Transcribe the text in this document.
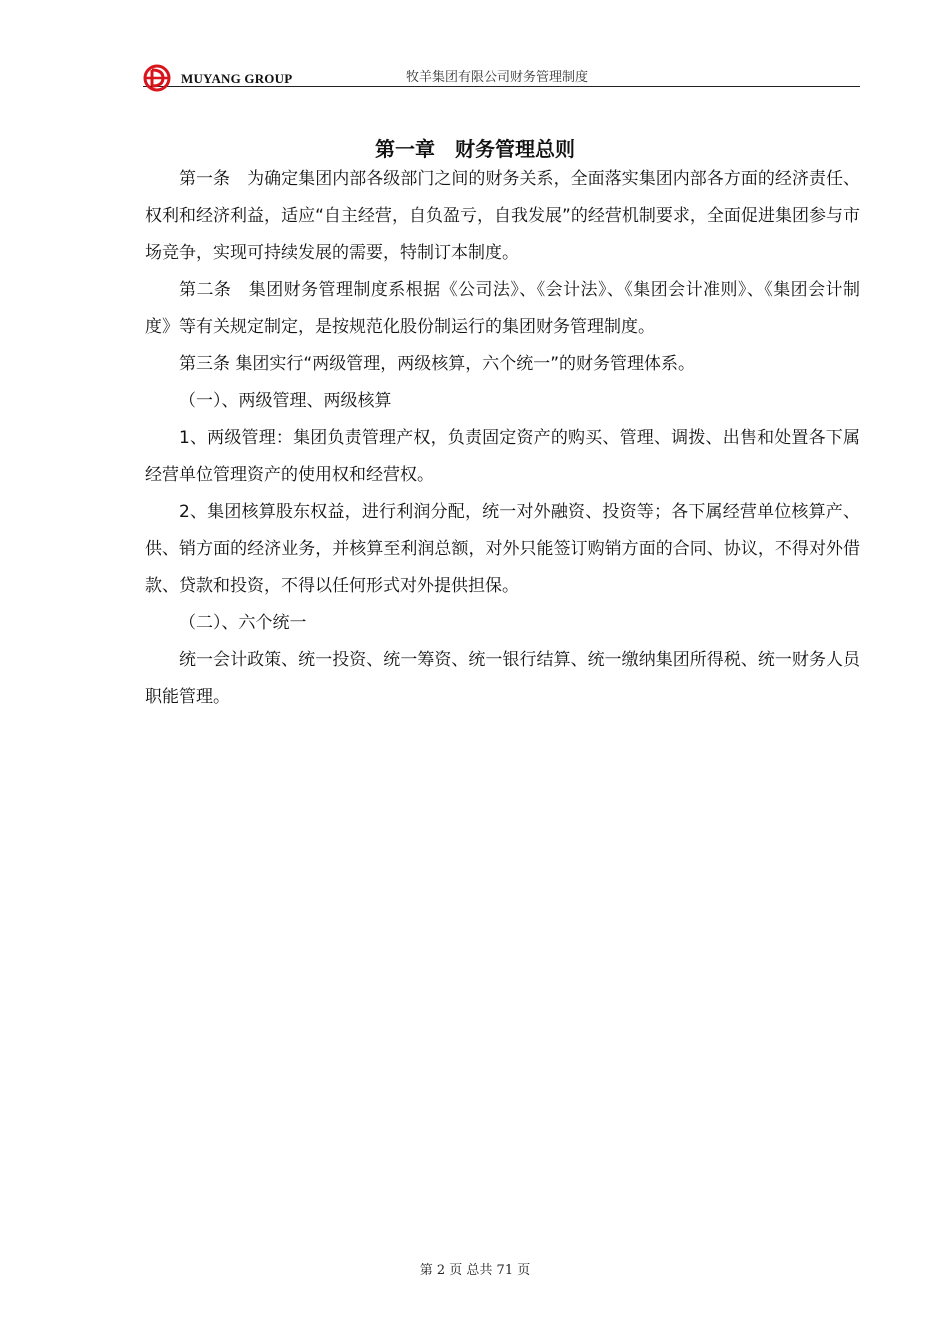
MUYANG GROUP	牧羊集团有限公司财务管理制度
第一章　财务管理总则

第一条　为确定集团内部各级部门之间的财务关系，全面落实集团内部各方面的经济责任、权利和经济利益，适应“自主经营，自负盈亏，自我发展”的经营机制要求，全面促进集团参与市场竞争，实现可持续发展的需要，特制订本制度。

第二条　集团财务管理制度系根据《公司法》、《会计法》、《集团会计准则》、《集团会计制度》等有关规定制定，是按规范化股份制运行的集团财务管理制度。

第三条 集团实行“两级管理，两级核算，六个统一”的财务管理体系。

（一）、两级管理、两级核算

1、两级管理：集团负责管理产权，负责固定资产的购买、管理、调拨、出售和处置各下属经营单位管理资产的使用权和经营权。

2、集团核算股东权益，进行利润分配，统一对外融资、投资等；各下属经营单位核算产、供、销方面的经济业务，并核算至利润总额，对外只能签订购销方面的合同、协议，不得对外借款、贷款和投资，不得以任何形式对外提供担保。

（二）、六个统一

统一会计政策、统一投资、统一筹资、统一银行结算、统一缴纳集团所得税、统一财务人员职能管理。

第 2 页 总共 71 页
